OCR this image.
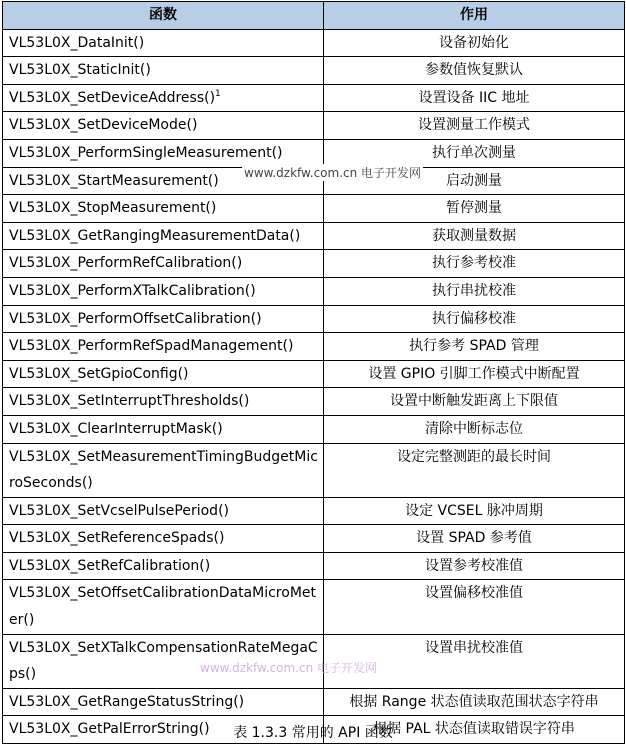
函数	作用
VL53L0X_DataInit()	设备初始化
VL53L0X_StaticInit()	参数值恢复默认
VL53L0X_SetDeviceAddress()$^1$	设置设备 IIC 地址
VL53L0X_SetDeviceMode()	设置测量工作模式
VL53L0X_PerformSingleMeasurement()	执行单次测量
VL53L0X_StartMeasurement()	启动测量
VL53L0X_StopMeasurement()	暂停测量
VL53L0X_GetRangingMeasurementData()	获取测量数据
VL53L0X_PerformRefCalibration()	执行参考校准
VL53L0X_PerformXTalkCalibration()	执行串扰校准
VL53L0X_PerformOffsetCalibration()	执行偏移校准
VL53L0X_PerformRefSpadManagement()	执行参考 SPAD 管理
VL53L0X_SetGpioConfig()	设置 GPIO 引脚工作模式中断配置
VL53L0X_SetInterruptThresholds()	设置中断触发距离上下限值
VL53L0X_ClearInterruptMask()	清除中断标志位
VL53L0X_SetMeasurementTimingBudgetMicroSeconds()	设定完整测距的最长时间
VL53L0X_SetVcselPulsePeriod()	设定 VCSEL 脉冲周期
VL53L0X_SetReferenceSpads()	设置 SPAD 参考值
VL53L0X_SetRefCalibration()	设置参考校准值
VL53L0X_SetOffsetCalibrationDataMicroMeter()	设置偏移校准值
VL53L0X_SetXTalkCompensationRateMegaCps()	设置串扰校准值
VL53L0X_GetRangeStatusString()	根据 Range 状态值读取范围状态字符串
VL53L0X_GetPalErrorString()	根据 PAL 状态值读取错误字符串
www.dzkfw.com.cn 电子开发网
www.dzkfw.com.cn 电子开发网
表 1.3.3 常用的 API 函数
